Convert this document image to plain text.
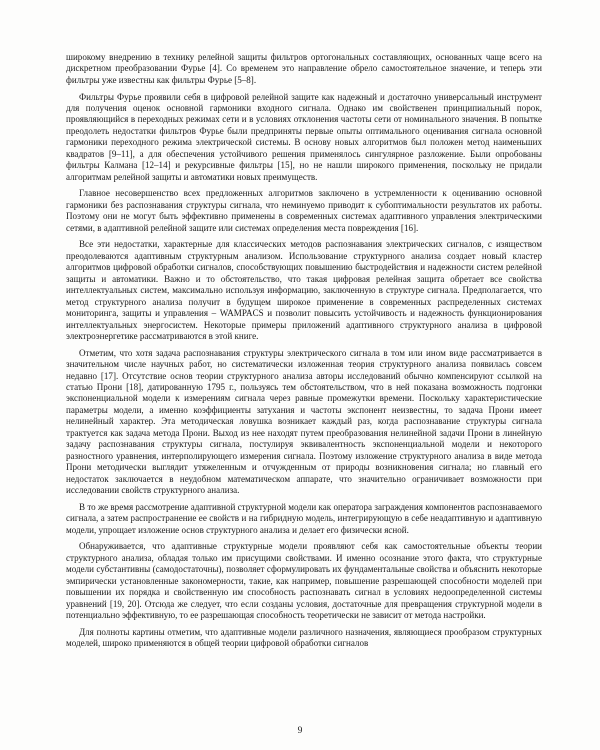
широкому внедрению в технику релейной защиты фильтров ортогональных составляющих, основанных чаще всего на дискретном преобразовании Фурье [4]. Со временем это направление обрело самостоятельное значение, и теперь эти фильтры уже известны как фильтры Фурье [5–8].

Фильтры Фурье проявили себя в цифровой релейной защите как надежный и достаточно универсальный инструмент для получения оценок основной гармоники входного сигнала. Однако им свойственен принципиальный порок, проявляющийся в переходных режимах сети и в условиях отклонения частоты сети от номинального значения. В попытке преодолеть недостатки фильтров Фурье были предприняты первые опыты оптимального оценивания сигнала основной гармоники переходного режима электрической системы. В основу новых алгоритмов был положен метод наименьших квадратов [9–11], а для обеспечения устойчивого решения применялось сингулярное разложение. Были опробованы фильтры Калмана [12–14] и рекурсивные фильтры [15], но не нашли широкого применения, поскольку не придали алгоритмам релейной защиты и автоматики новых преимуществ.

Главное несовершенство всех предложенных алгоритмов заключено в устремленности к оцениванию основной гармоники без распознавания структуры сигнала, что неминуемо приводит к субоптимальности результатов их работы. Поэтому они не могут быть эффективно применены в современных системах адаптивного управления электрическими сетями, в адаптивной релейной защите или системах определения места повреждения [16].

Все эти недостатки, характерные для классических методов распознавания электрических сигналов, с изяществом преодолеваются адаптивным структурным анализом. Использование структурного анализа создает новый кластер алгоритмов цифровой обработки сигналов, способствующих повышению быстродействия и надежности систем релейной защиты и автоматики. Важно и то обстоятельство, что такая цифровая релейная защита обретает все свойства интеллектуальных систем, максимально используя информацию, заключенную в структуре сигнала. Предполагается, что метод структурного анализа получит в будущем широкое применение в современных распределенных системах мониторинга, защиты и управления – WAMPACS и позволит повысить устойчивость и надежность функционирования интеллектуальных энергосистем. Некоторые примеры приложений адаптивного структурного анализа в цифровой электроэнергетике рассматриваются в этой книге.

Отметим, что хотя задача распознавания структуры электрического сигнала в том или ином виде рассматривается в значительном числе научных работ, но систематически изложенная теория структурного анализа появилась совсем недавно [17]. Отсутствие основ теории структурного анализа авторы исследований обычно компенсируют ссылкой на статью Прони [18], датированную 1795 г., пользуясь тем обстоятельством, что в ней показана возможность подгонки экспоненциальной модели к измерениям сигнала через равные промежутки времени. Поскольку характеристические параметры модели, а именно коэффициенты затухания и частоты экспонент неизвестны, то задача Прони имеет нелинейный характер. Эта методическая ловушка возникает каждый раз, когда распознавание структуры сигнала трактуется как задача метода Прони. Выход из нее находят путем преобразования нелинейной задачи Прони в линейную задачу распознавания структуры сигнала, постулируя эквивалентность экспоненциальной модели и некоторого разностного уравнения, интерполирующего измерения сигнала. Поэтому изложение структурного анализа в виде метода Прони методически выглядит утяжеленным и отчужденным от природы возникновения сигнала; но главный его недостаток заключается в неудобном математическом аппарате, что значительно ограничивает возможности при исследовании свойств структурного анализа.

В то же время рассмотрение адаптивной структурной модели как оператора заграждения компонентов распознаваемого сигнала, а затем распространение ее свойств и на гибридную модель, интегрирующую в себе неадаптивную и адаптивную модели, упрощает изложение основ структурного анализа и делает его физически ясной.

Обнаруживается, что адаптивные структурные модели проявляют себя как самостоятельные объекты теории структурного анализа, обладая только им присущими свойствами. И именно осознание этого факта, что структурные модели субстантивны (самодостаточны), позволяет сформулировать их фундаментальные свойства и объяснить некоторые эмпирически установленные закономерности, такие, как например, повышение разрешающей способности моделей при повышении их порядка и свойственную им способность распознавать сигнал в условиях недоопределенной системы уравнений [19, 20]. Отсюда же следует, что если созданы условия, достаточные для превращения структурной модели в потенциально эффективную, то ее разрешающая способность теоретически не зависит от метода настройки.

Для полноты картины отметим, что адаптивные модели различного назначения, являющиеся прообразом структурных моделей, широко применяются в общей теории цифровой обработки сигналов

9
